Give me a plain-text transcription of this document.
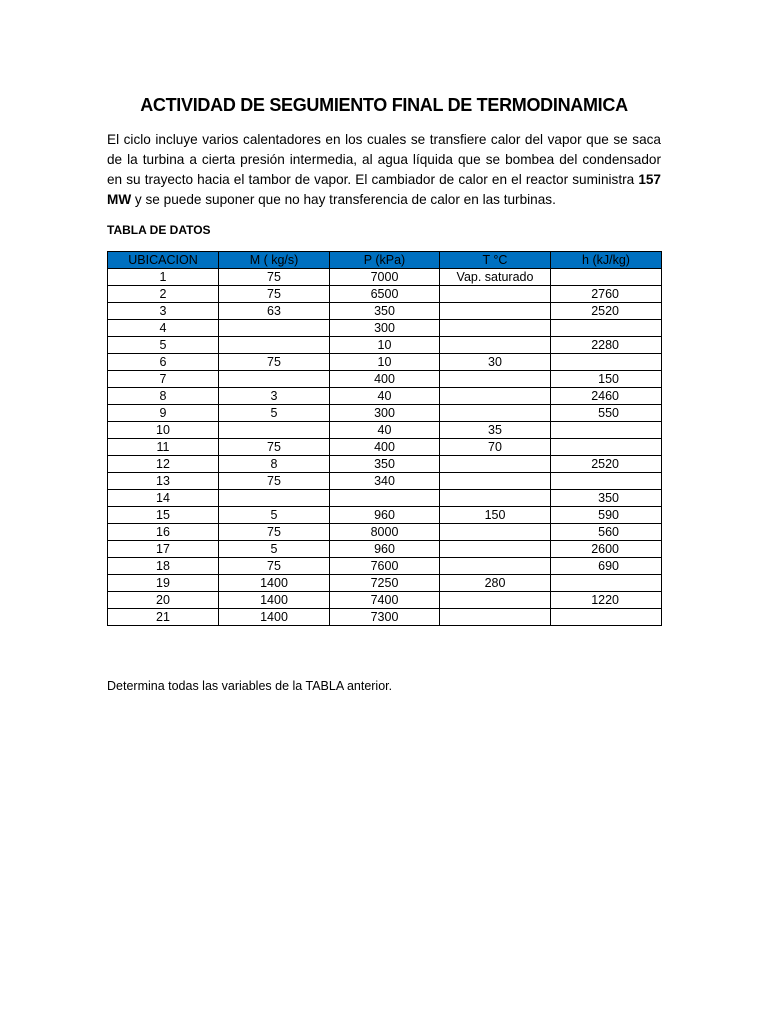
ACTIVIDAD DE SEGUMIENTO FINAL DE TERMODINAMICA

El ciclo incluye varios calentadores en los cuales se transfiere calor del vapor que se saca de la turbina a cierta presión intermedia, al agua líquida que se bombea del condensador en su trayecto hacia el tambor de vapor. El cambiador de calor en el reactor suministra 157 MW y se puede suponer que no hay transferencia de calor en las turbinas.

TABLA DE DATOS

UBICACION	M ( kg/s)	P (kPa)	T °C	h (kJ/kg)
1	75	7000	Vap. saturado	
2	75	6500		2760
3	63	350		2520
4		300		
5		10		2280
6	75	10	30	
7		400		150
8	3	40		2460
9	5	300		550
10		40	35	
11	75	400	70	
12	8	350		2520
13	75	340		
14				350
15	5	960	150	590
16	75	8000		560
17	5	960		2600
18	75	7600		690
19	1400	7250	280	
20	1400	7400		1220
21	1400	7300		

Determina todas las variables de la TABLA anterior.
